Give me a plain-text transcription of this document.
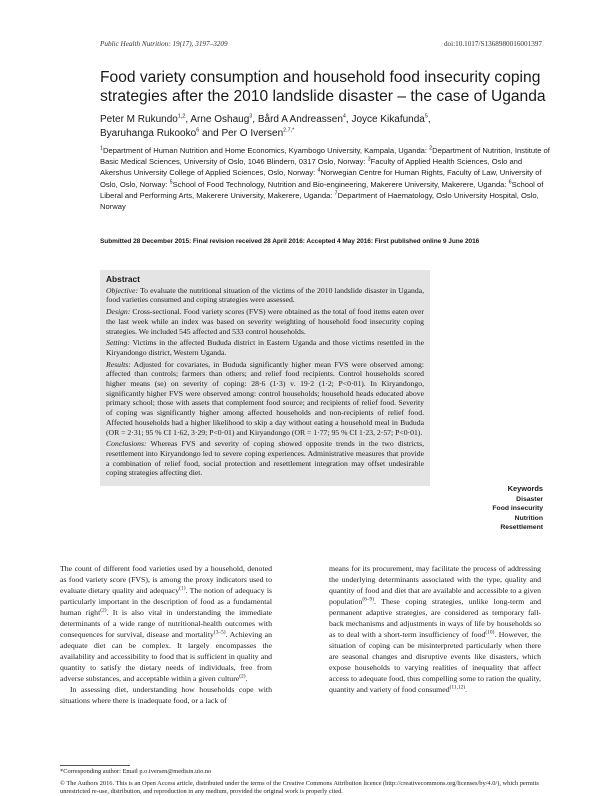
Public Health Nutrition: 19(17), 3197–3209	doi:10.1017/S1368980016001397
Food variety consumption and household food insecurity coping strategies after the 2010 landslide disaster – the case of Uganda
Peter M Rukundo$^{1,2}$, Arne Oshaug$^3$, Bård A Andreassen$^4$, Joyce Kikafunda$^5$,
Byaruhanga Rukooko$^6$ and Per O Iversen$^{2,7,*}$
$^1$Department of Human Nutrition and Home Economics, Kyambogo University, Kampala, Uganda: $^2$Department of Nutrition, Institute of Basic Medical Sciences, University of Oslo, 1046 Blindern, 0317 Oslo, Norway: $^3$Faculty of Applied Health Sciences, Oslo and Akershus University College of Applied Sciences, Oslo, Norway: $^4$Norwegian Centre for Human Rights, Faculty of Law, University of Oslo, Oslo, Norway: $^5$School of Food Technology, Nutrition and Bio-engineering, Makerere University, Makerere, Uganda: $^6$School of Liberal and Performing Arts, Makerere University, Makerere, Uganda: $^7$Department of Haematology, Oslo University Hospital, Oslo, Norway
Submitted 28 December 2015: Final revision received 28 April 2016: Accepted 4 May 2016: First published online 9 June 2016
Abstract

Objective: To evaluate the nutritional situation of the victims of the 2010 landslide disaster in Uganda, food varieties consumed and coping strategies were assessed.

Design: Cross-sectional. Food variety scores (FVS) were obtained as the total of food items eaten over the last week while an index was based on severity weighting of household food insecurity coping strategies. We included 545 affected and 533 control households.

Setting: Victims in the affected Bududa district in Eastern Uganda and those victims resettled in the Kiryandongo district, Western Uganda.

Results: Adjusted for covariates, in Bududa significantly higher mean FVS were observed among: affected than controls; farmers than others; and relief food recipients. Control households scored higher means (se) on severity of coping: 28·6 (1·3) v. 19·2 (1·2; P<0·01). In Kiryandongo, significantly higher FVS were observed among: control households; household heads educated above primary school; those with assets that complement food source; and recipients of relief food. Severity of coping was significantly higher among affected households and non-recipients of relief food. Affected households had a higher likelihood to skip a day without eating a household meal in Bududa (OR = 2·31; 95 % CI 1·62, 3·29; P<0·01) and Kiryandongo (OR = 1·77; 95 % CI 1·23, 2·57; P<0·01).

Conclusions: Whereas FVS and severity of coping showed opposite trends in the two districts, resettlement into Kiryandongo led to severe coping experiences. Administrative measures that provide a combination of relief food, social protection and resettlement integration may offset undesirable coping strategies affecting diet.

Keywords
Disaster
Food insecurity
Nutrition
Resettlement

The count of different food varieties used by a household, denoted as food variety score (FVS), is among the proxy indicators used to evaluate dietary quality and adequacy$^{(1)}$. The notion of adequacy is particularly important in the description of food as a fundamental human right$^{(2)}$. It is also vital in understanding the immediate determinants of a wide range of nutritional-health outcomes with consequences for survival, disease and mortality$^{(3-5)}$. Achieving an adequate diet can be complex. It largely encompasses the availability and accessibility to food that is sufficient in quality and quantity to satisfy the dietary needs of individuals, free from adverse substances, and acceptable within a given culture$^{(2)}$.

In assessing diet, understanding how households cope with situations where there is inadequate food, or a lack of

means for its procurement, may facilitate the process of addressing the underlying determinants associated with the type, quality and quantity of food and diet that are available and accessible to a given population$^{(6-9)}$. These coping strategies, unlike long-term and permanent adaptive strategies, are considered as temporary fall-back mechanisms and adjustments in ways of life by households so as to deal with a short-term insufficiency of food$^{(10)}$. However, the situation of coping can be misinterpreted particularly when there are seasonal changes and disruptive events like disasters, which expose households to varying realities of inequality that affect access to adequate food, thus compelling some to ration the quality, quantity and variety of food consumed$^{(11,12)}$.

*Corresponding author: Email p.o.iversen@medisin.uio.no
© The Authors 2016. This is an Open Access article, distributed under the terms of the Creative Commons Attribution licence (http://creativecommons.org/licenses/by/4.0/), which permits unrestricted re-use, distribution, and reproduction in any medium, provided the original work is properly cited.
